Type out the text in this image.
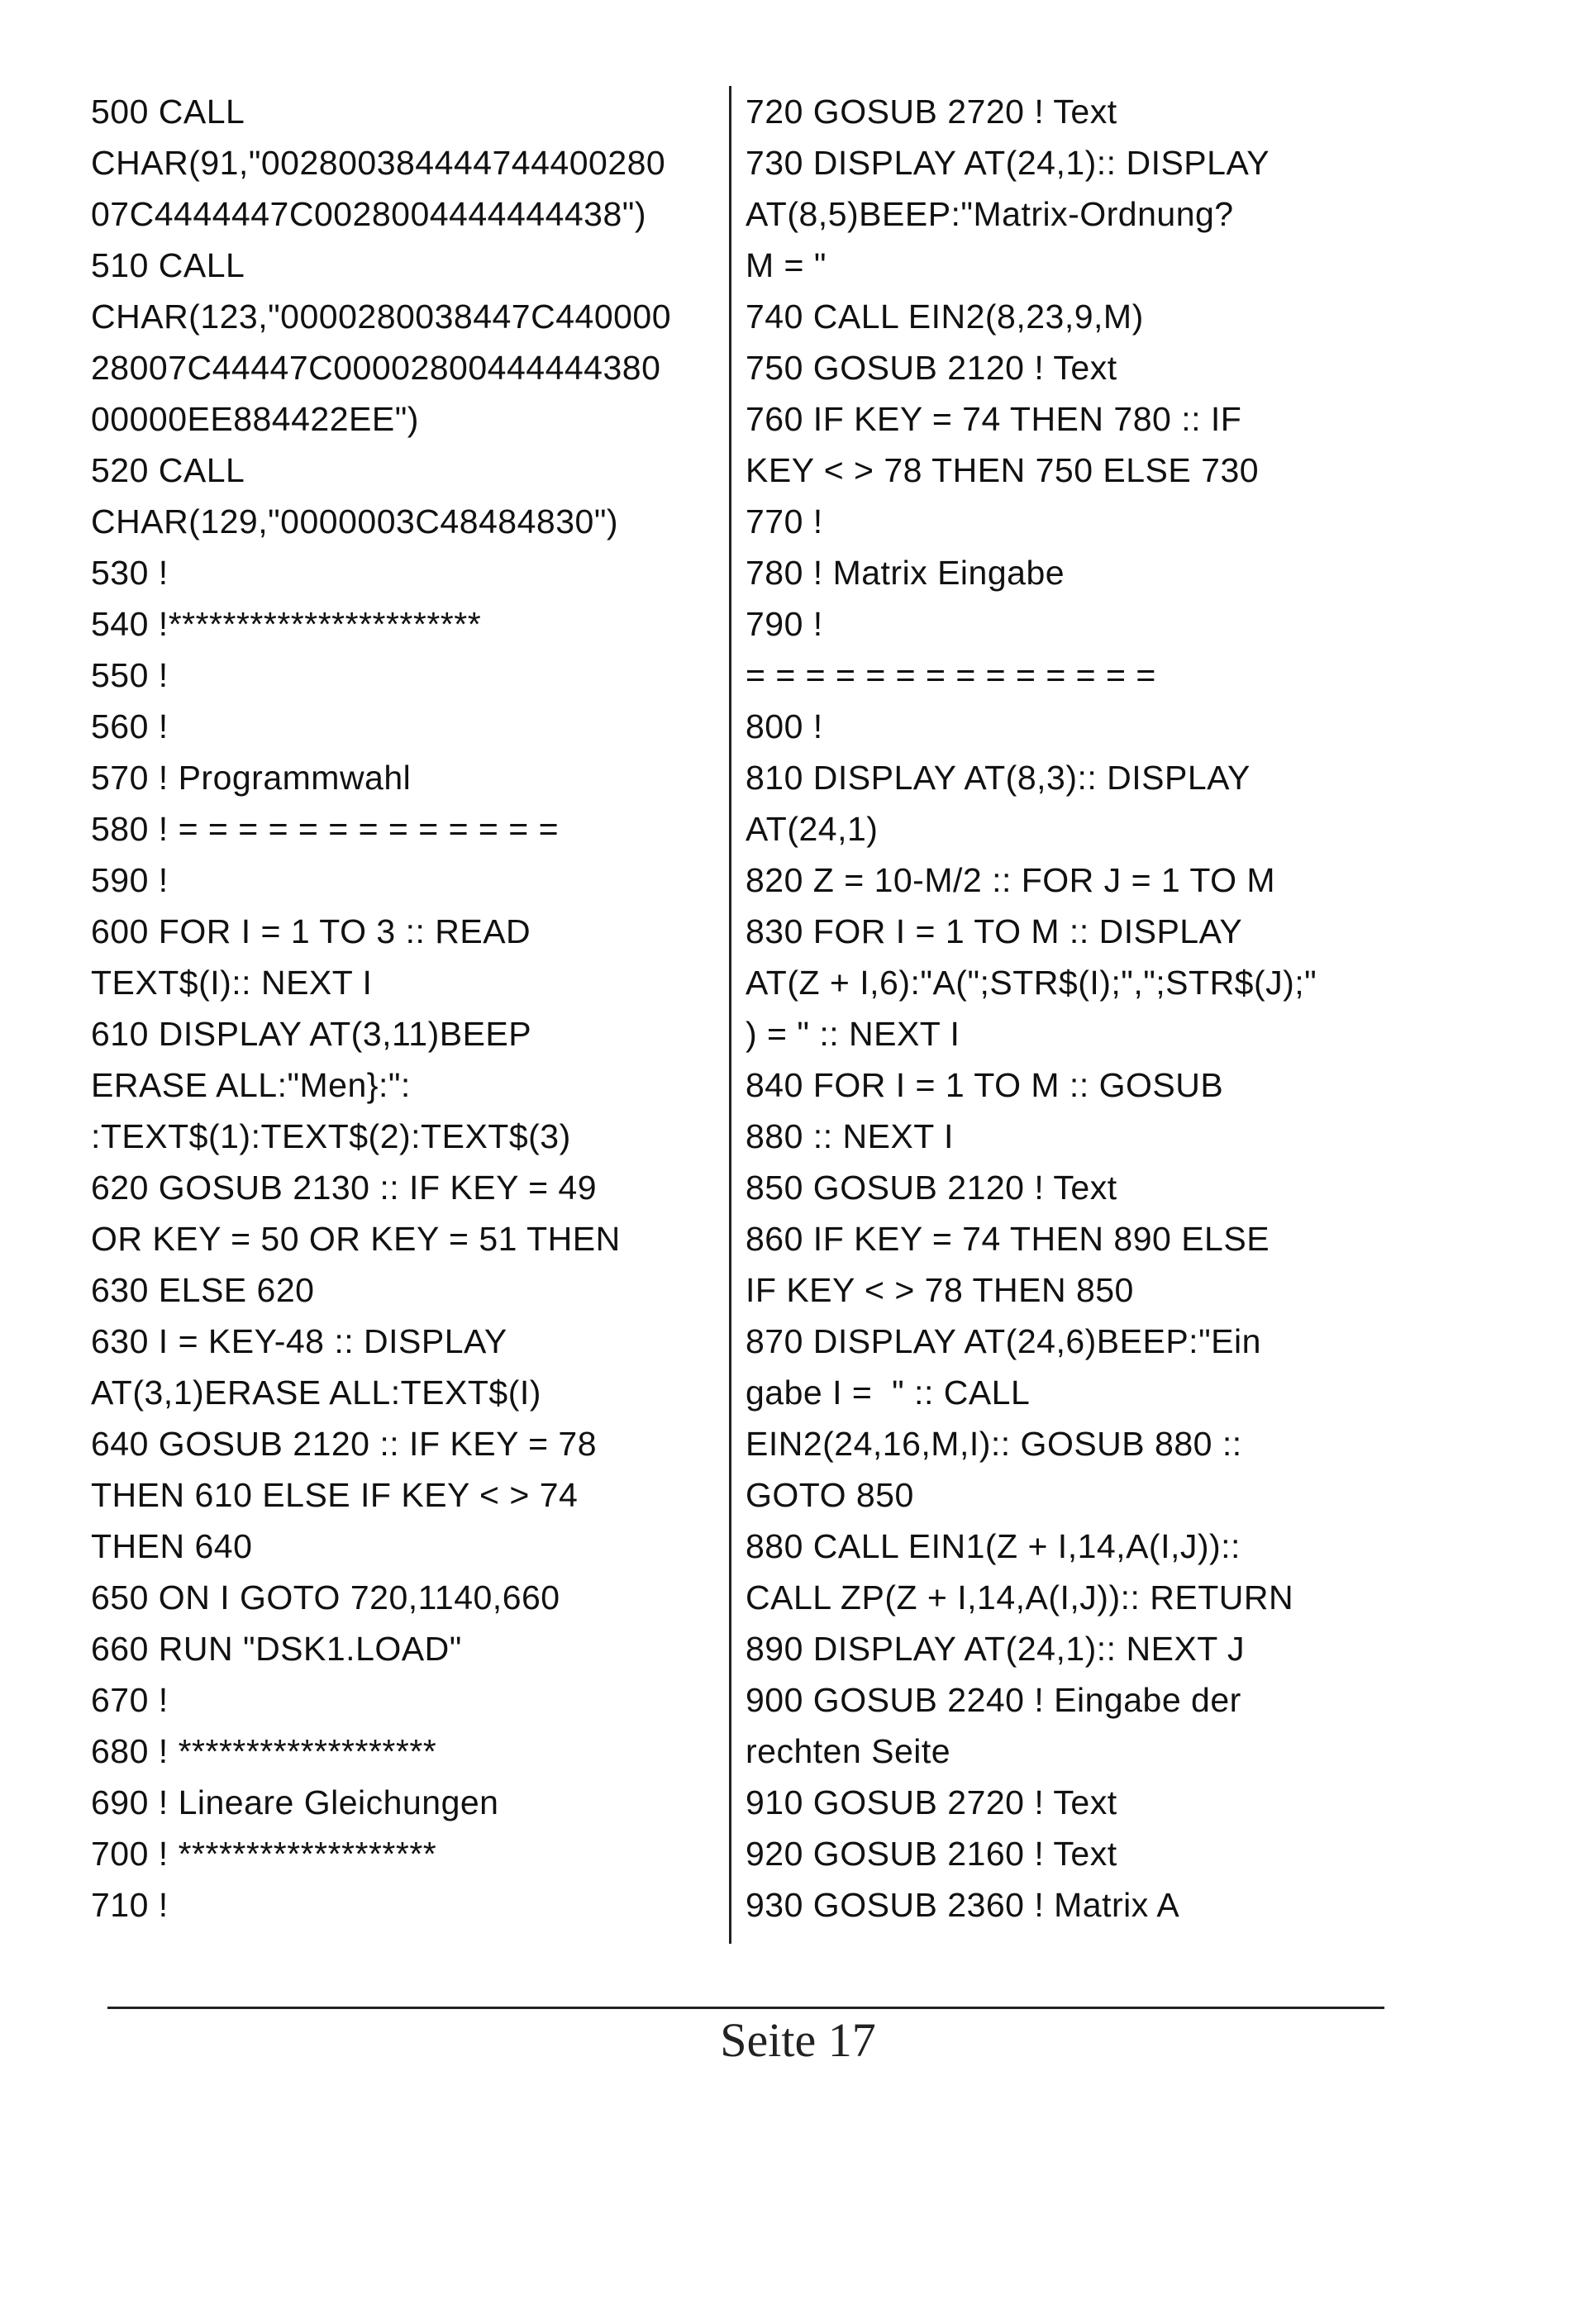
500 CALL
CHAR(91,"002800384444744400280
07C4444447C0028004444444438")
510 CALL
CHAR(123,"0000280038447C440000
28007C44447C00002800444444380
00000EE884422EE")
520 CALL
CHAR(129,"0000003C48484830")
530 !
540 !***********************
550 !
560 !
570 ! Programmwahl
580 ! = = = = = = = = = = = = =
590 !
600 FOR I = 1 TO 3 :: READ
TEXT$(I):: NEXT I
610 DISPLAY AT(3,11)BEEP
ERASE ALL:"Men}:":
:TEXT$(1):TEXT$(2):TEXT$(3)
620 GOSUB 2130 :: IF KEY = 49
OR KEY = 50 OR KEY = 51 THEN
630 ELSE 620
630 I = KEY-48 :: DISPLAY
AT(3,1)ERASE ALL:TEXT$(I)
640 GOSUB 2120 :: IF KEY = 78
THEN 610 ELSE IF KEY < > 74
THEN 640
650 ON I GOTO 720,1140,660
660 RUN "DSK1.LOAD"
670 !
680 ! *******************
690 ! Lineare Gleichungen
700 ! *******************
710 !
720 GOSUB 2720 ! Text
730 DISPLAY AT(24,1):: DISPLAY
AT(8,5)BEEP:"Matrix-Ordnung?
M = "
740 CALL EIN2(8,23,9,M)
750 GOSUB 2120 ! Text
760 IF KEY = 74 THEN 780 :: IF
KEY < > 78 THEN 750 ELSE 730
770 !
780 ! Matrix Eingabe
790 !
= = = = = = = = = = = = = =
800 !
810 DISPLAY AT(8,3):: DISPLAY
AT(24,1)
820 Z = 10-M/2 :: FOR J = 1 TO M
830 FOR I = 1 TO M :: DISPLAY
AT(Z + I,6):"A(";STR$(I);",";STR$(J);"
) = " :: NEXT I
840 FOR I = 1 TO M :: GOSUB
880 :: NEXT I
850 GOSUB 2120 ! Text
860 IF KEY = 74 THEN 890 ELSE
IF KEY < > 78 THEN 850
870 DISPLAY AT(24,6)BEEP:"Ein
gabe I =  " :: CALL
EIN2(24,16,M,I):: GOSUB 880 ::
GOTO 850
880 CALL EIN1(Z + I,14,A(I,J))::
CALL ZP(Z + I,14,A(I,J)):: RETURN
890 DISPLAY AT(24,1):: NEXT J
900 GOSUB 2240 ! Eingabe der
rechten Seite
910 GOSUB 2720 ! Text
920 GOSUB 2160 ! Text
930 GOSUB 2360 ! Matrix A
Seite 17
